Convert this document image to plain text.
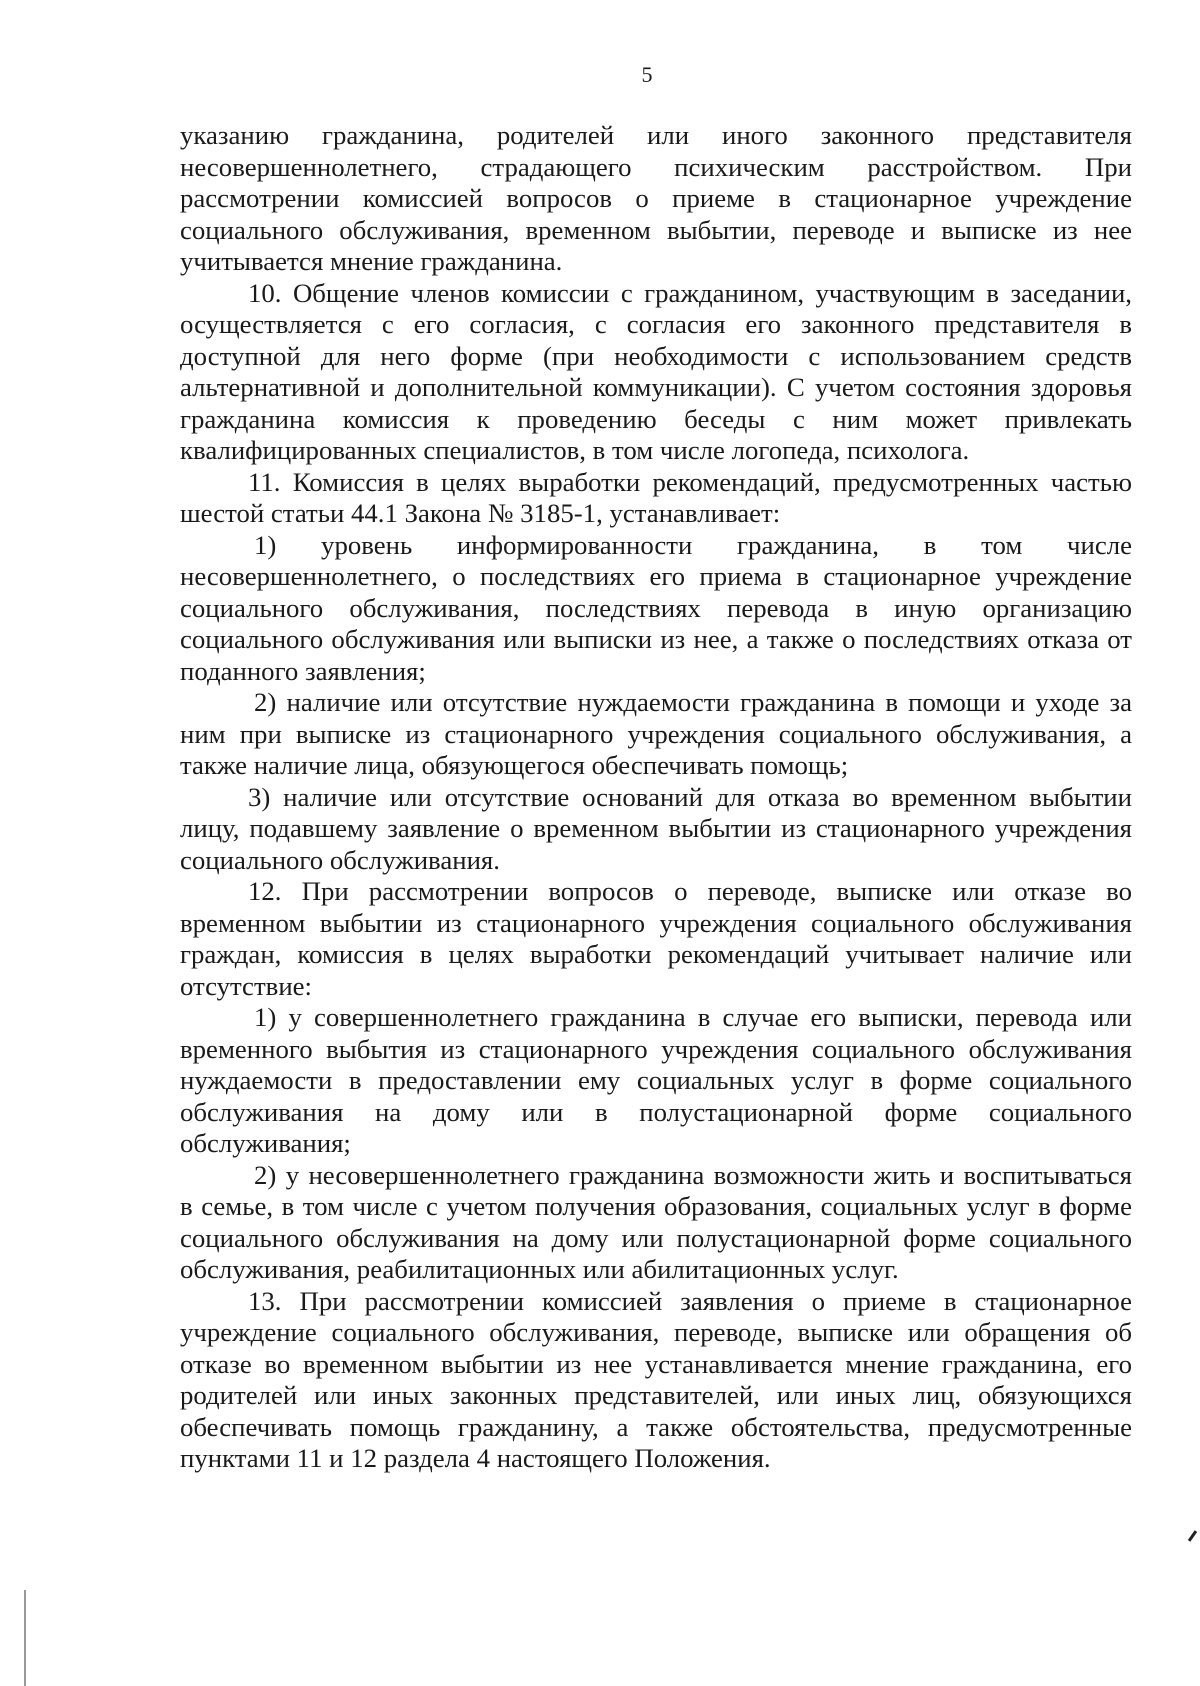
5

указанию гражданина, родителей или иного законного представителя несовершеннолетнего, страдающего психическим расстройством. При рассмотрении комиссией вопросов о приеме в стационарное учреждение социального обслуживания, временном выбытии, переводе и выписке из нее учитывается мнение гражданина.

10. Общение членов комиссии с гражданином, участвующим в заседании, осуществляется с его согласия, с согласия его законного представителя в доступной для него форме (при необходимости с использованием средств альтернативной и дополнительной коммуникации). С учетом состояния здоровья гражданина комиссия к проведению беседы с ним может привлекать квалифицированных специалистов, в том числе логопеда, психолога.

11. Комиссия в целях выработки рекомендаций, предусмотренных частью шестой статьи 44.1 Закона № 3185-1, устанавливает:

1) уровень информированности гражданина, в том числе несовершеннолетнего, о последствиях его приема в стационарное учреждение социального обслуживания, последствиях перевода в иную организацию социального обслуживания или выписки из нее, а также о последствиях отказа от поданного заявления;

2) наличие или отсутствие нуждаемости гражданина в помощи и уходе за ним при выписке из стационарного учреждения социального обслуживания, а также наличие лица, обязующегося обеспечивать помощь;

3) наличие или отсутствие оснований для отказа во временном выбытии лицу, подавшему заявление о временном выбытии из стационарного учреждения социального обслуживания.

12. При рассмотрении вопросов о переводе, выписке или отказе во временном выбытии из стационарного учреждения социального обслуживания граждан, комиссия в целях выработки рекомендаций учитывает наличие или отсутствие:

1) у совершеннолетнего гражданина в случае его выписки, перевода или временного выбытия из стационарного учреждения социального обслуживания нуждаемости в предоставлении ему социальных услуг в форме социального обслуживания на дому или в полустационарной форме социального обслуживания;

2) у несовершеннолетнего гражданина возможности жить и воспитываться в семье, в том числе с учетом получения образования, социальных услуг в форме социального обслуживания на дому или полустационарной форме социального обслуживания, реабилитационных или абилитационных услуг.

13. При рассмотрении комиссией заявления о приеме в стационарное учреждение социального обслуживания, переводе, выписке или обращения об отказе во временном выбытии из нее устанавливается мнение гражданина, его родителей или иных законных представителей, или иных лиц, обязующихся обеспечивать помощь гражданину, а также обстоятельства, предусмотренные пунктами 11 и 12 раздела 4 настоящего Положения.
